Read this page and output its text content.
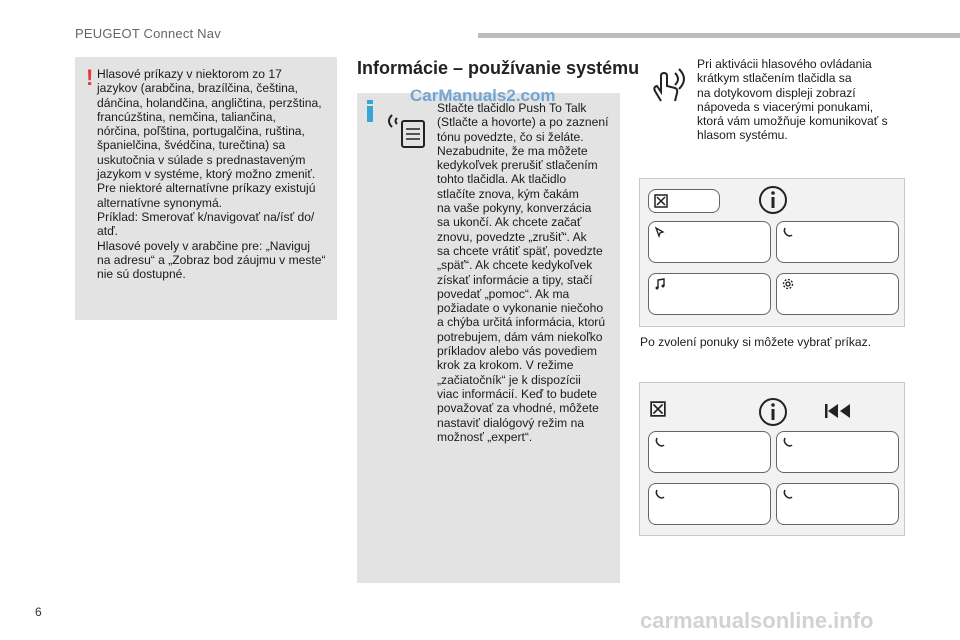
PEUGEOT Connect Nav
! Hlasové príkazy v niektorom zo 17
jazykov (arabčina, brazílčina, čeština,
dánčina, holandčina, angličtina, perzština,
francúzština, nemčina, taliančina,
nórčina, poľština, portugalčina, ruština,
španielčina, švédčina, turečtina) sa
uskutočnia v súlade s prednastaveným
jazykom v systéme, ktorý možno zmeniť.
Pre niektoré alternatívne príkazy existujú
alternatívne synonymá.
Príklad: Smerovať k/navigovať na/ísť do/
atď.
Hlasové povely v arabčine pre: „Naviguj
na adresu“ a „Zobraz bod záujmu v meste“
nie sú dostupné.
Informácie – používanie systému
CarManuals2.com
Stlačte tlačidlo Push To Talk
(Stlačte a hovorte) a po zaznení
tónu povedzte, čo si želáte.
Nezabudnite, že ma môžete
kedykoľvek prerušiť stlačením
tohto tlačidla. Ak tlačidlo
stlačíte znova, kým čakám
na vaše pokyny, konverzácia
sa ukončí. Ak chcete začať
znovu, povedzte „zrušiť“. Ak
sa chcete vrátiť späť, povedzte
„späť“. Ak chcete kedykoľvek
získať informácie a tipy, stačí
povedať „pomoc“. Ak ma
požiadate o vykonanie niečoho
a chýba určitá informácia, ktorú
potrebujem, dám vám niekoľko
príkladov alebo vás povediem
krok za krokom. V režime
„začiatočník“ je k dispozícii
viac informácií. Keď to budete
považovať za vhodné, môžete
nastaviť dialógový režim na
možnosť „expert“.
Pri aktivácii hlasového ovládania
krátkym stlačením tlačidla sa
na dotykovom displeji zobrazí
nápoveda s viacerými ponukami,
ktorá vám umožňuje komunikovať s
hlasom systému.
Po zvolení ponuky si môžete vybrať príkaz.
6	carmanualsonline.info
